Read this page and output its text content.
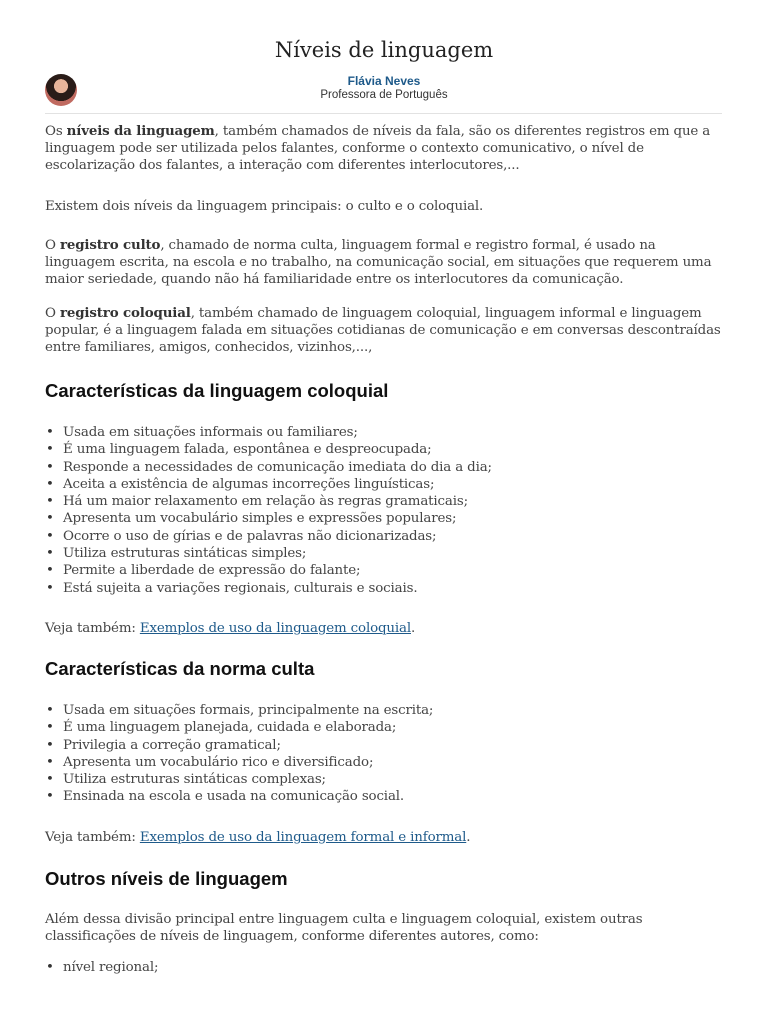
Níveis de linguagem
Flávia Neves
Professora de Português

Os níveis da linguagem, também chamados de níveis da fala, são os diferentes registros em que a linguagem pode ser utilizada pelos falantes, conforme o contexto comunicativo, o nível de escolarização dos falantes, a interação com diferentes interlocutores,...

Existem dois níveis da linguagem principais: o culto e o coloquial.

O registro culto, chamado de norma culta, linguagem formal e registro formal, é usado na linguagem escrita, na escola e no trabalho, na comunicação social, em situações que requerem uma maior seriedade, quando não há familiaridade entre os interlocutores da comunicação.

O registro coloquial, também chamado de linguagem coloquial, linguagem informal e linguagem popular, é a linguagem falada em situações cotidianas de comunicação e em conversas descontraídas entre familiares, amigos, conhecidos, vizinhos,...,

Características da linguagem coloquial
• Usada em situações informais ou familiares;
• É uma linguagem falada, espontânea e despreocupada;
• Responde a necessidades de comunicação imediata do dia a dia;
• Aceita a existência de algumas incorreções linguísticas;
• Há um maior relaxamento em relação às regras gramaticais;
• Apresenta um vocabulário simples e expressões populares;
• Ocorre o uso de gírias e de palavras não dicionarizadas;
• Utiliza estruturas sintáticas simples;
• Permite a liberdade de expressão do falante;
• Está sujeita a variações regionais, culturais e sociais.

Veja também: Exemplos de uso da linguagem coloquial.

Características da norma culta
• Usada em situações formais, principalmente na escrita;
• É uma linguagem planejada, cuidada e elaborada;
• Privilegia a correção gramatical;
• Apresenta um vocabulário rico e diversificado;
• Utiliza estruturas sintáticas complexas;
• Ensinada na escola e usada na comunicação social.

Veja também: Exemplos de uso da linguagem formal e informal.

Outros níveis de linguagem

Além dessa divisão principal entre linguagem culta e linguagem coloquial, existem outras classificações de níveis de linguagem, conforme diferentes autores, como:

• nível regional;
